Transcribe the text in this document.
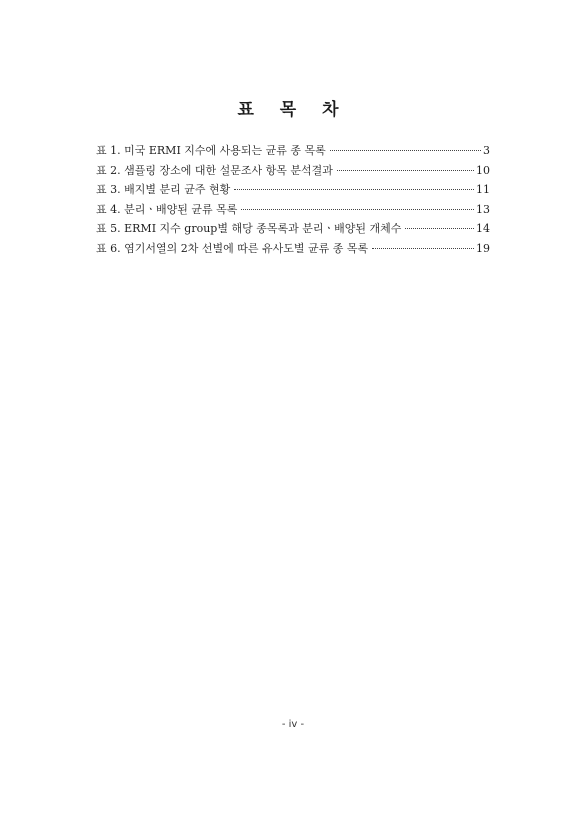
표 목 차
표 1. 미국 ERMI 지수에 사용되는 균류 종 목록	3
표 2. 샘플링 장소에 대한 설문조사 항목 분석결과	10
표 3. 배지별 분리 균주 현황	11
표 4. 분리ㆍ배양된 균류 목록	13
표 5. ERMI 지수 group별 해당 종목록과 분리ㆍ배양된 개체수	14
표 6. 염기서열의 2차 선별에 따른 유사도별 균류 종 목록	19
- iv -
